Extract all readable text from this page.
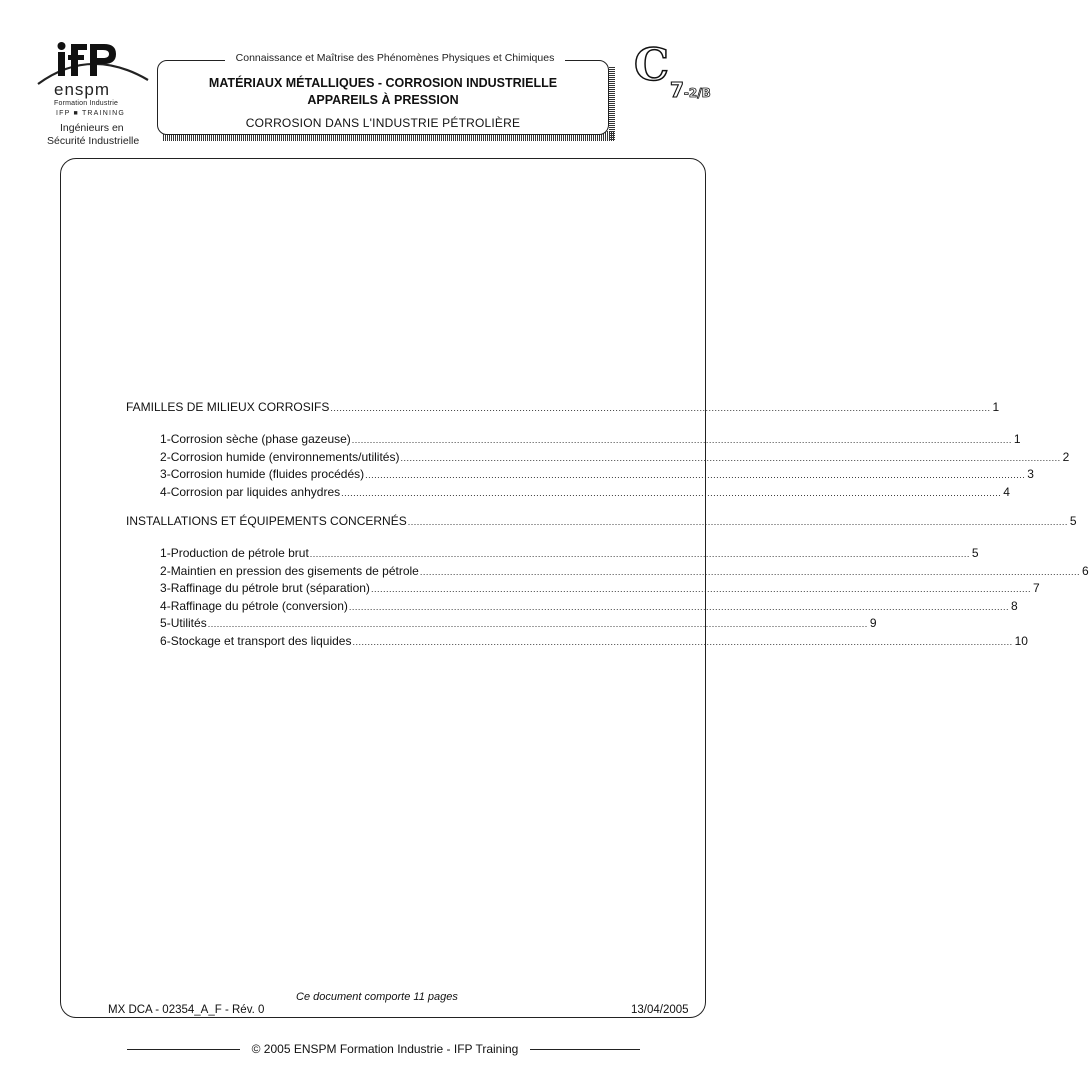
enspm
Formation Industrie
IFP ■ TRAINING
Ingénieurs en
Sécurité Industrielle
Connaissance et Maîtrise des Phénomènes Physiques et Chimiques
MATÉRIAUX MÉTALLIQUES - CORROSION INDUSTRIELLE
APPAREILS À PRESSION
CORROSION DANS L'INDUSTRIE PÉTROLIÈRE
C 7-2/B
FAMILLES DE MILIEUX CORROSIFS ............................................................................................................................................................................................................................ 1
1 - Corrosion sèche (phase gazeuse) ............................................................................................................................................................................................................................ 1
2 - Corrosion humide (environnements/utilités) ............................................................................................................................................................................................................................ 2
3 - Corrosion humide (fluides procédés) ............................................................................................................................................................................................................................ 3
4 - Corrosion par liquides anhydres ............................................................................................................................................................................................................................ 4
INSTALLATIONS ET ÉQUIPEMENTS CONCERNÉS ............................................................................................................................................................................................................................ 5
1 - Production de pétrole brut ............................................................................................................................................................................................................................ 5
2 - Maintien en pression des gisements de pétrole ............................................................................................................................................................................................................................ 6
3 - Raffinage du pétrole brut (séparation) ............................................................................................................................................................................................................................ 7
4 - Raffinage du pétrole (conversion) ............................................................................................................................................................................................................................ 8
5 - Utilités ............................................................................................................................................................................................................................ 9
6 - Stockage et transport des liquides ............................................................................................................................................................................................................................ 10
Ce document comporte 11 pages
MX DCA - 02354_A_F - Rév. 0	13/04/2005
© 2005 ENSPM Formation Industrie - IFP Training
